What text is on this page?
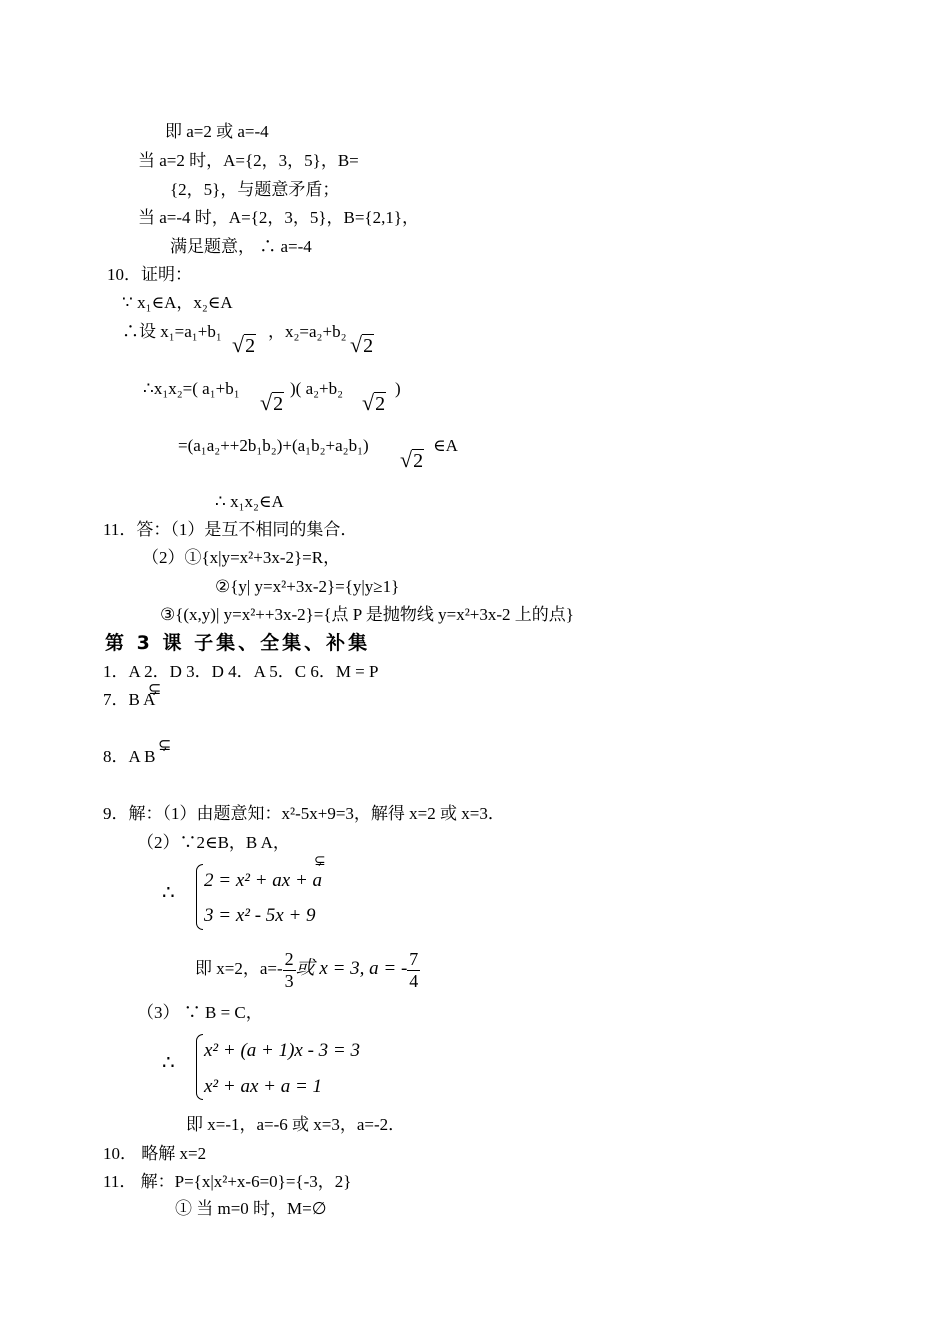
即 a=2 或 a=-4
当 a=2 时，A={2，3，5}，B=
{2，5}，与题意矛盾；
当 a=-4 时，A={2，3，5}，B={2,1}，
满足题意， ∴ a=-4
10．证明：
∵ x₁∈A，x₂∈A
∴设 x₁=a₁+b₁
√2
，x₂=a₂+b₂
√2
∴x₁x₂=( a₁+b₁
√2
)( a₂+b₂
√2
)
=(a₁a₂++2b₁b₂)+(a₁b₂+a₂b₁)
√2
∈A
∴ x₁x₂∈A
11．答：（1）是互不相同的集合．
（2）①{x|y=x²+3x-2}=R，
②{y| y=x²+3x-2}={y|y≥1}
③{(x,y)| y=x²++3x-2}={点 P 是抛物线 y=x²+3x-2 上的点}
第 3 课 子集、全集、补集
1．A 2．D 3．D 4．A 5．C 6．M = P
7．B A
⊊
8．A B
⊊
9．解：（1）由题意知：x²-5x+9=3，解得 x=2 或 x=3．
（2）∵2∈B，B A，
⊊
∴
2 = x² + ax + a
3 = x² - 5x + 9
即 x=2，$a=- \frac{2}{3}$ 或 x = 3, a = - $\frac{7}{4}$
（3） ∵ B = C，
∴
x² + (a + 1)x - 3 = 3
x² + ax + a = 1
即 x=-1，a=-6 或 x=3，a=-2．
10． 略解 x=2
11． 解：P={x|x²+x-6=0}={-3，2}
① 当 m=0 时，M=∅
